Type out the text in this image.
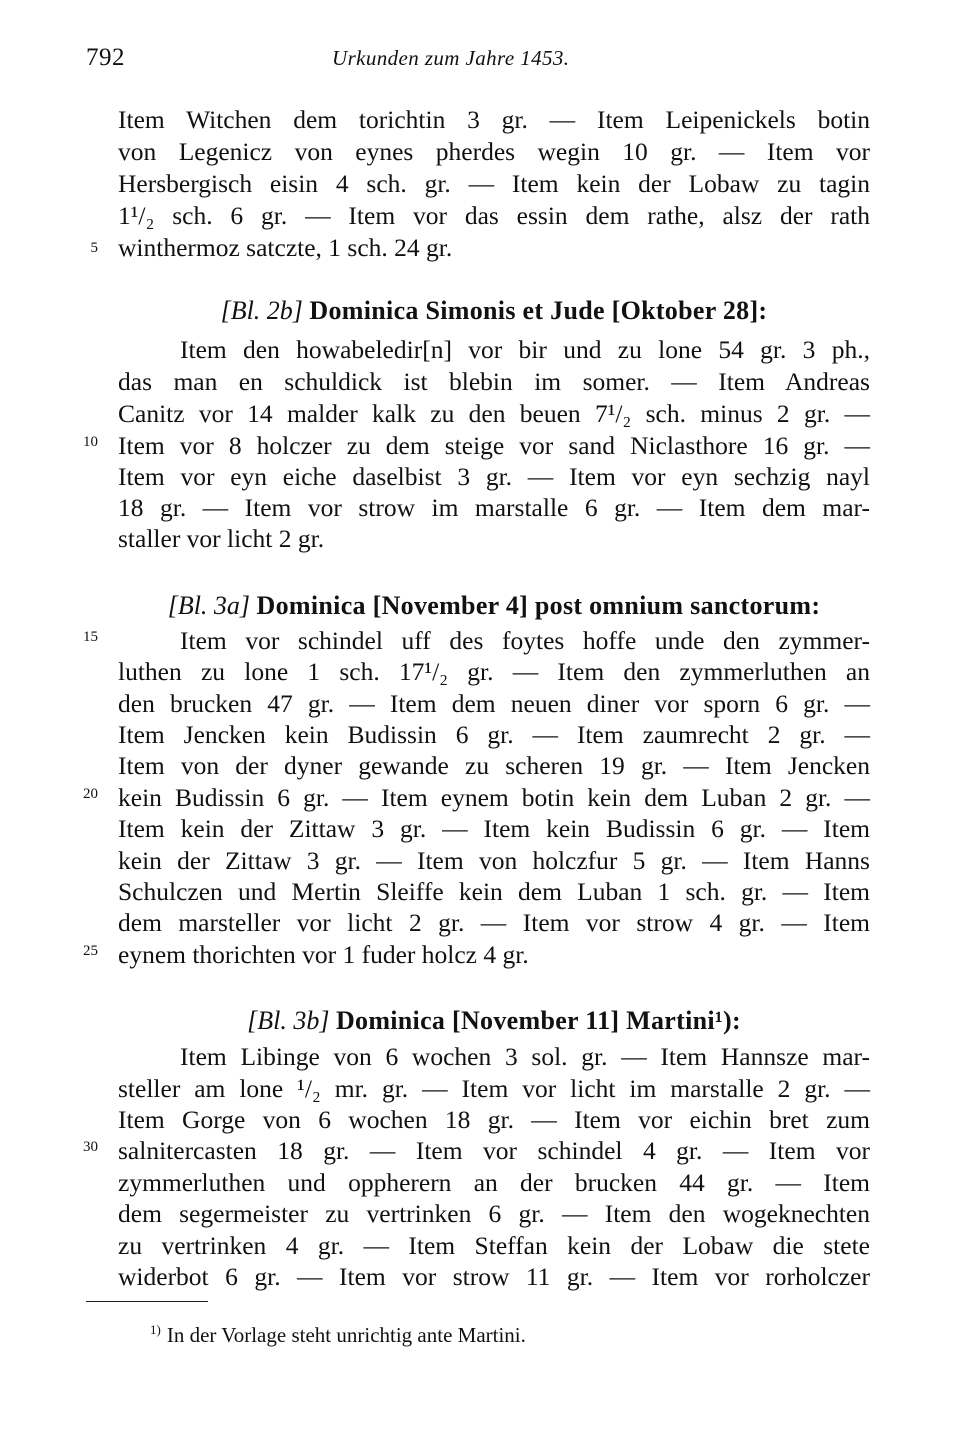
792	Urkunden zum Jahre 1453.
Item Witchen dem torichtin 3 gr. — Item Leipenickels botin
von Legenicz von eynes pherdes wegin 10 gr. — Item vor
Hersbergisch eisin 4 sch. gr. — Item kein der Lobaw zu tagin
1¹/₂ sch. 6 gr. — Item vor das essin dem rathe, alsz der rath
winthermoz satczte, 1 sch. 24 gr.
[Bl. 2b] Dominica Simonis et Jude [Oktober 28]:
Item den howabeledir[n] vor bir und zu lone 54 gr. 3 ph.,
das man en schuldick ist blebin im somer. — Item Andreas
Canitz vor 14 malder kalk zu den beuen 7¹/₂ sch. minus 2 gr. —
Item vor 8 holczer zu dem steige vor sand Niclasthore 16 gr. —
Item vor eyn eiche daselbist 3 gr. — Item vor eyn sechzig nayl
18 gr. — Item vor strow im marstalle 6 gr. — Item dem mar-
staller vor licht 2 gr.
[Bl. 3a] Dominica [November 4] post omnium sanctorum:
Item vor schindel uff des foytes hoffe unde den zymmer-
luthen zu lone 1 sch. 17¹/₂ gr. — Item den zymmerluthen an
den brucken 47 gr. — Item dem neuen diner vor sporn 6 gr. —
Item Jencken kein Budissin 6 gr. — Item zaumrecht 2 gr. —
Item von der dyner gewande zu scheren 19 gr. — Item Jencken
kein Budissin 6 gr. — Item eynem botin kein dem Luban 2 gr. —
Item kein der Zittaw 3 gr. — Item kein Budissin 6 gr. — Item
kein der Zittaw 3 gr. — Item von holczfur 5 gr. — Item Hanns
Schulczen und Mertin Sleiffe kein dem Luban 1 sch. gr. — Item
dem marsteller vor licht 2 gr. — Item vor strow 4 gr. — Item
eynem thorichten vor 1 fuder holcz 4 gr.
[Bl. 3b] Dominica [November 11] Martini¹):
Item Libinge von 6 wochen 3 sol. gr. — Item Hannsze mar-
steller am lone ¹/₂ mr. gr. — Item vor licht im marstalle 2 gr. —
Item Gorge von 6 wochen 18 gr. — Item vor eichin bret zum
salnitercasten 18 gr. — Item vor schindel 4 gr. — Item vor
zymmerluthen und oppherern an der brucken 44 gr. — Item
dem segermeister zu vertrinken 6 gr. — Item den wogeknechten
zu vertrinken 4 gr. — Item Steffan kein der Lobaw die stete
widerbot 6 gr. — Item vor strow 11 gr. — Item vor rorholczer
5
10
15
20
25
30
$^{1)}$ In der Vorlage steht unrichtig ante Martini.
